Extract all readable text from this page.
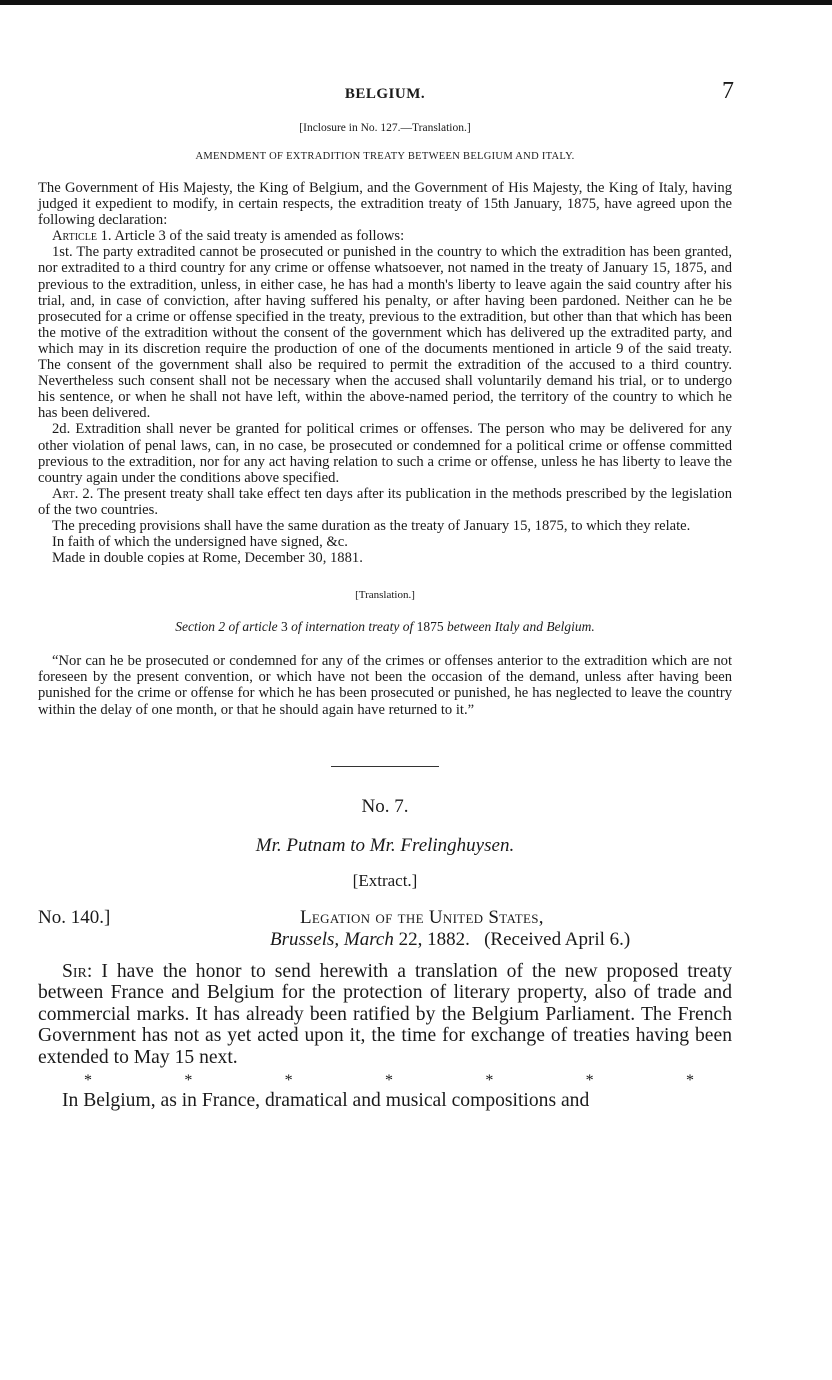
BELGIUM.	7
[Inclosure in No. 127.—Translation.]
AMENDMENT OF EXTRADITION TREATY BETWEEN BELGIUM AND ITALY.

The Government of His Majesty, the King of Belgium, and the Government of His Majesty, the King of Italy, having judged it expedient to modify, in certain respects, the extradition treaty of 15th January, 1875, have agreed upon the following declaration:

Article 1. Article 3 of the said treaty is amended as follows:

1st. The party extradited cannot be prosecuted or punished in the country to which the extradition has been granted, nor extradited to a third country for any crime or offense whatsoever, not named in the treaty of January 15, 1875, and previous to the extradition, unless, in either case, he has had a month's liberty to leave again the said country after his trial, and, in case of conviction, after having suffered his penalty, or after having been pardoned. Neither can he be prosecuted for a crime or offense specified in the treaty, previous to the extradition, but other than that which has been the motive of the extradition without the consent of the government which has delivered up the extradited party, and which may in its discretion require the production of one of the documents mentioned in article 9 of the said treaty. The consent of the government shall also be required to permit the extradition of the accused to a third country. Nevertheless such consent shall not be necessary when the accused shall voluntarily demand his trial, or to undergo his sentence, or when he shall not have left, within the above-named period, the territory of the country to which he has been delivered.

2d. Extradition shall never be granted for political crimes or offenses. The person who may be delivered for any other violation of penal laws, can, in no case, be prosecuted or condemned for a political crime or offense committed previous to the extradition, nor for any act having relation to such a crime or offense, unless he has liberty to leave the country again under the conditions above specified.

Art. 2. The present treaty shall take effect ten days after its publication in the methods prescribed by the legislation of the two countries.

The preceding provisions shall have the same duration as the treaty of January 15, 1875, to which they relate.

In faith of which the undersigned have signed, &c.

Made in double copies at Rome, December 30, 1881.

[Translation.]
Section 2 of article 3 of internation treaty of 1875 between Italy and Belgium.

“Nor can he be prosecuted or condemned for any of the crimes or offenses anterior to the extradition which are not foreseen by the present convention, or which have not been the occasion of the demand, unless after having been punished for the crime or offense for which he has been prosecuted or punished, he has neglected to leave the country within the delay of one month, or that he should again have returned to it.”

No. 7.
Mr. Putnam to Mr. Frelinghuysen.
[Extract.]
No. 140.]	Legation of the United States,
Brussels, March 22, 1882.   (Received April 6.)

Sir: I have the honor to send herewith a translation of the new proposed treaty between France and Belgium for the protection of literary property, also of trade and commercial marks. It has already been ratified by the Belgium Parliament. The French Government has not as yet acted upon it, the time for exchange of treaties having been extended to May 15 next.

*	*	*	*	*	*	*

In Belgium, as in France, dramatical and musical compositions and
